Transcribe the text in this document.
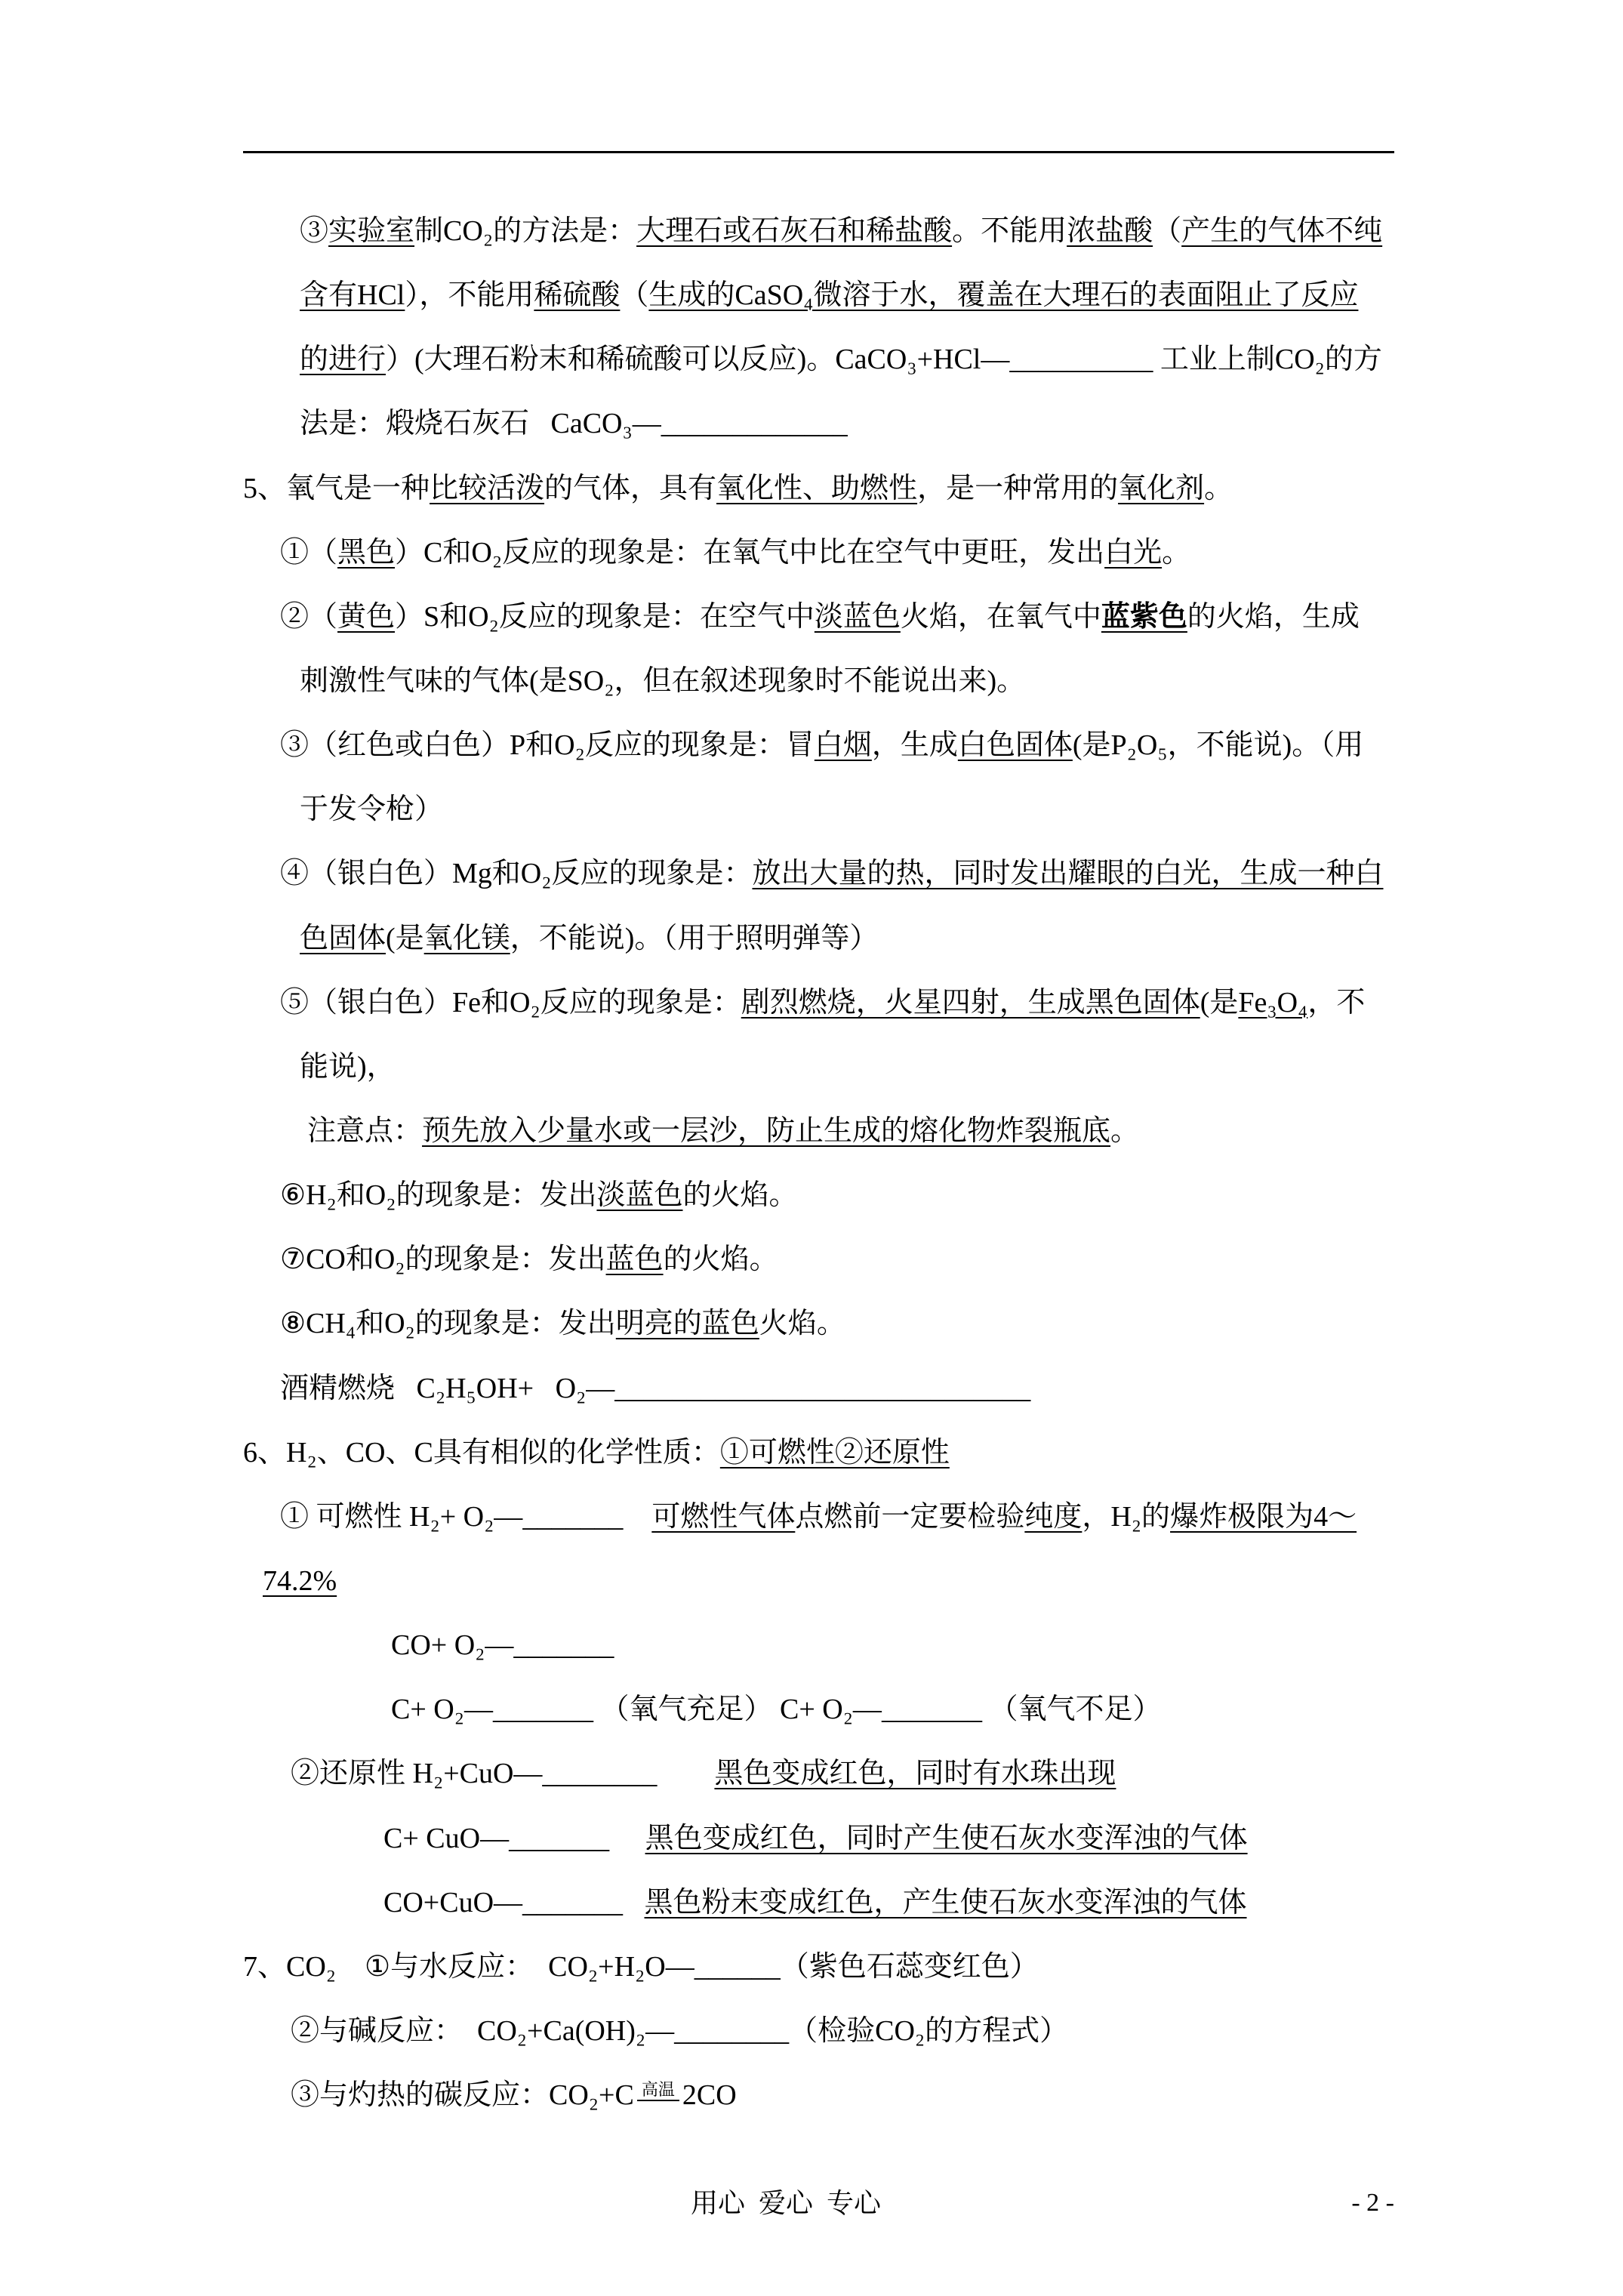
③实验室制CO₂的方法是：大理石或石灰石和稀盐酸。不能用浓盐酸（产生的气体不纯
含有HCl），不能用稀硫酸（生成的CaSO₄微溶于水，覆盖在大理石的表面阻止了反应
的进行）(大理石粉末和稀硫酸可以反应)。CaCO₃+HCl—__________ 工业上制CO₂的方
法是：煅烧石灰石   CaCO₃—_____________
5、氧气是一种比较活泼的气体，具有氧化性、助燃性，是一种常用的氧化剂。
①（黑色）C和O₂反应的现象是：在氧气中比在空气中更旺，发出白光。
②（黄色）S和O₂反应的现象是：在空气中淡蓝色火焰，在氧气中蓝紫色的火焰，生成
刺激性气味的气体(是SO₂，但在叙述现象时不能说出来)。
③（红色或白色）P和O₂反应的现象是：冒白烟，生成白色固体(是P₂O₅，不能说)。（用
于发令枪）
④（银白色）Mg和O₂反应的现象是：放出大量的热，同时发出耀眼的白光，生成一种白
色固体(是氧化镁，不能说)。（用于照明弹等）
⑤（银白色）Fe和O₂反应的现象是：剧烈燃烧，火星四射，生成黑色固体(是Fe₃O₄，不
能说)，
注意点：预先放入少量水或一层沙，防止生成的熔化物炸裂瓶底。
⑥H₂和O₂的现象是：发出淡蓝色的火焰。
⑦CO和O₂的现象是：发出蓝色的火焰。
⑧CH₄和O₂的现象是：发出明亮的蓝色火焰。
酒精燃烧   C₂H₅OH+   O₂—_____________________________
6、H₂、CO、C具有相似的化学性质：①可燃性②还原性
① 可燃性 H₂+ O₂—_______ 可燃性气体点燃前一定要检验纯度，H₂的爆炸极限为4～
74.2%
CO+ O₂—_______
C+ O₂—_______ （氧气充足） C+ O₂—_______ （氧气不足）
②还原性 H₂+CuO—________ 黑色变成红色，同时有水珠出现
C+ CuO—_______ 黑色变成红色，同时产生使石灰水变浑浊的气体
CO+CuO—_______ 黑色粉末变成红色，产生使石灰水变浑浊的气体
7、CO₂    ①与水反应：  CO₂+H₂O—______（紫色石蕊变红色）
②与碱反应：  CO₂+Ca(OH)₂—________（检验CO₂的方程式）
③与灼热的碳反应：CO₂+C 高温 2CO
用心  爱心  专心	- 2 -
